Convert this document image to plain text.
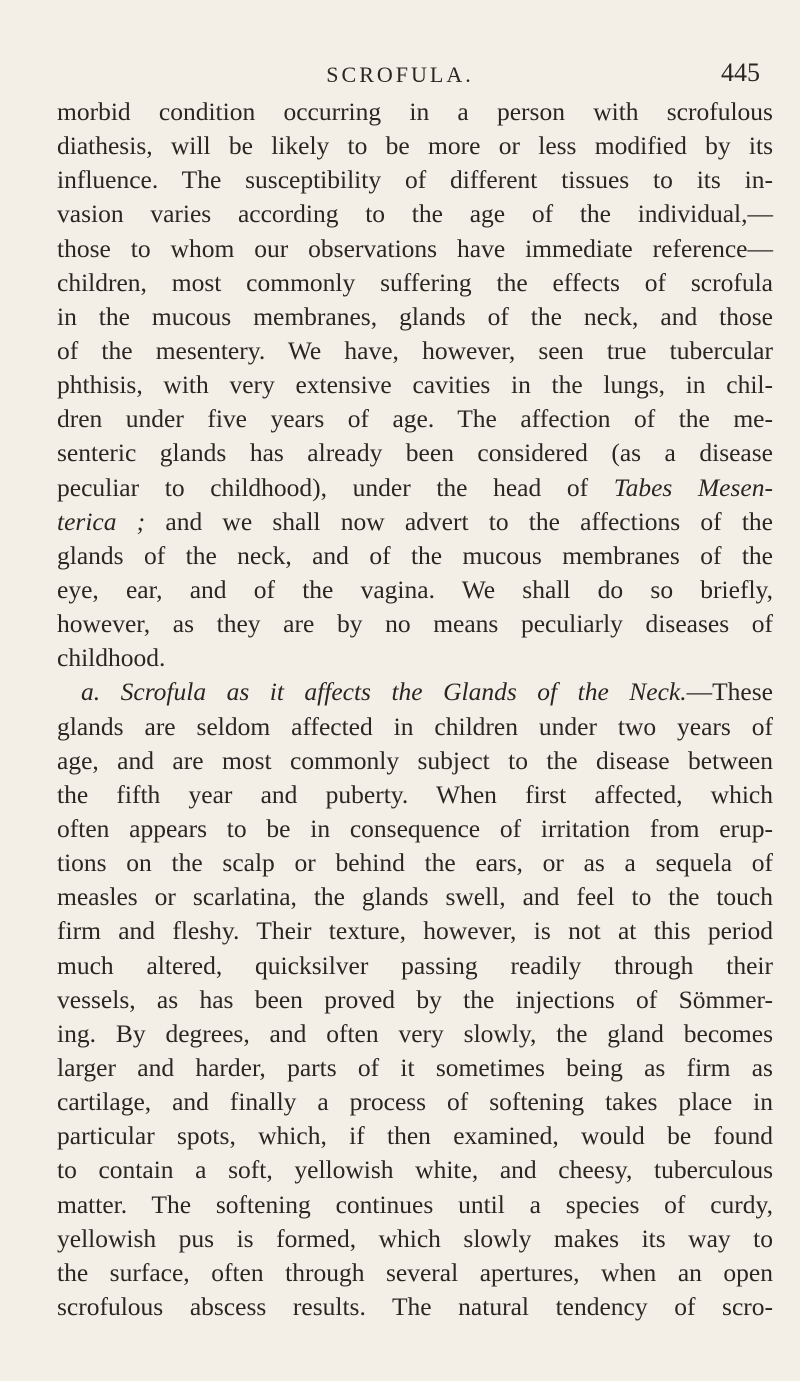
SCROFULA.	445
morbid condition occurring in a person with scrofulous
diathesis, will be likely to be more or less modified by its
influence. The susceptibility of different tissues to its in-
vasion varies according to the age of the individual,—
those to whom our observations have immediate reference—
children, most commonly suffering the effects of scrofula
in the mucous membranes, glands of the neck, and those
of the mesentery. We have, however, seen true tubercular
phthisis, with very extensive cavities in the lungs, in chil-
dren under five years of age. The affection of the me-
senteric glands has already been considered (as a disease
peculiar to childhood), under the head of Tabes Mesen-
terica ; and we shall now advert to the affections of the
glands of the neck, and of the mucous membranes of the
eye, ear, and of the vagina. We shall do so briefly,
however, as they are by no means peculiarly diseases of
childhood.
a. Scrofula as it affects the Glands of the Neck.—These
glands are seldom affected in children under two years of
age, and are most commonly subject to the disease between
the fifth year and puberty. When first affected, which
often appears to be in consequence of irritation from erup-
tions on the scalp or behind the ears, or as a sequela of
measles or scarlatina, the glands swell, and feel to the touch
firm and fleshy. Their texture, however, is not at this period
much altered, quicksilver passing readily through their
vessels, as has been proved by the injections of Sömmer-
ing. By degrees, and often very slowly, the gland becomes
larger and harder, parts of it sometimes being as firm as
cartilage, and finally a process of softening takes place in
particular spots, which, if then examined, would be found
to contain a soft, yellowish white, and cheesy, tuberculous
matter. The softening continues until a species of curdy,
yellowish pus is formed, which slowly makes its way to
the surface, often through several apertures, when an open
scrofulous abscess results. The natural tendency of scro-
